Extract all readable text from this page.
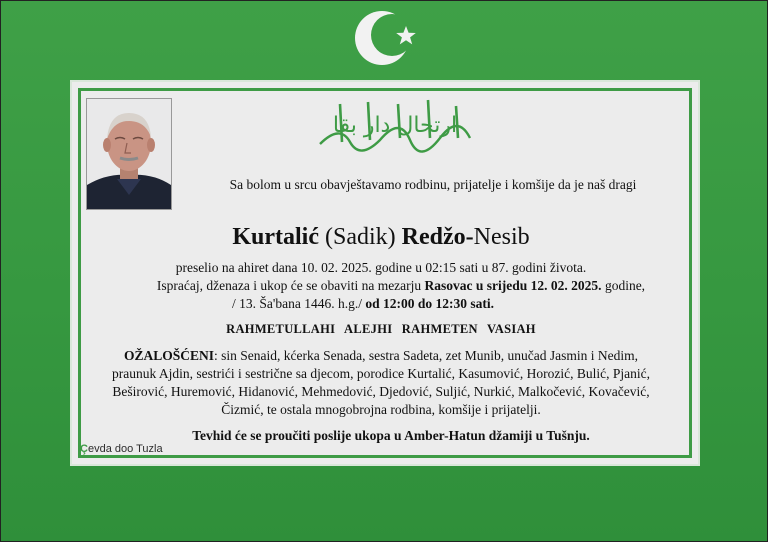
ارتحال دار بقا
Sa bolom u srcu obavještavamo rodbinu, prijatelje i komšije da je naš dragi
Kurtalić (Sadik) Redžo-Nesib
preselio na ahiret dana 10. 02. 2025. godine u 02:15 sati u 87. godini života.
Ispraćaj, dženaza i ukop će se obaviti na mezarju Rasovac u srijedu 12. 02. 2025. godine,
/ 13. Ša'bana 1446. h.g./ od 12:00 do 12:30 sati.
RAHMETULLAHI ALEJHI RAHMETEN VASIAH
OŽALOŠĆENI: sin Senaid, kćerka Senada, sestra Sadeta, zet Munib, unučad Jasmin i Nedim,
praunuk Ajdin, sestrići i sestrične sa djecom, porodice Kurtalić, Kasumović, Horozić, Bulić, Pjanić,
Beširović, Huremović, Hidanović, Mehmedović, Djedović, Suljić, Nurkić, Malkočević, Kovačević,
Čizmić, te ostala mnogobrojna rodbina, komšije i prijatelji.
Tevhid će se proučiti poslije ukopa u Amber-Hatun džamiji u Tušnju.
Çevda doo Tuzla
